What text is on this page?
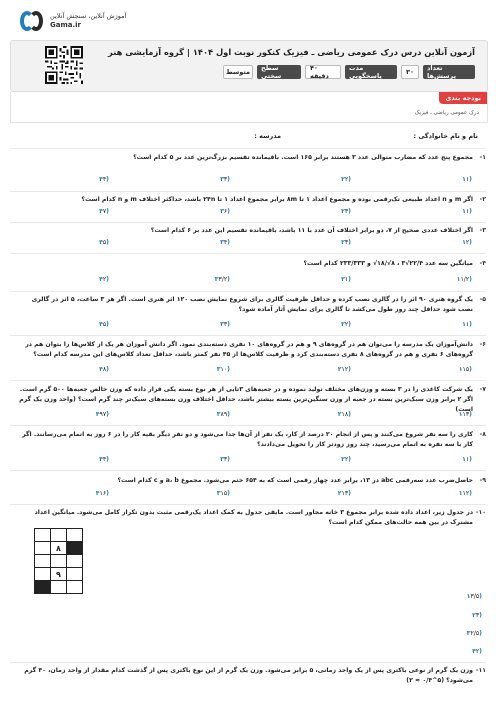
آموزش آنلاین، سنجش آنلاین
Gama.ir
آزمون آنلاین درس درک عمومی ریاضی ـ فیزیک کنکور نوبت اول ۱۴۰۴ | گروه آزمایشی هنر
تعداد پرسش‌ها
۳۰
مدت پاسخگویی
۴۰ دقیقه
سطح سختی
متوسط
بودجه بندی
درک عمومی ریاضی ـ فیزیک
نام و نام خانوادگی :
مدرسه :
۱-
مجموع پنج عدد که مضارب متوالی عدد ۳ هستند برابر ۱۶۵ است. باقیمانده تقسیم بزرگ‌ترین عدد بر ۵ کدام است؟
(۱۱
(۲۲
(۳۳
(۴۴
۲-
اگر m و n اعداد طبیعی تک‌رقمی بوده و مجموع اعداد ۱ تا ۸m برابر مجموع اعداد ۱ تا ۲۴n باشد، حداکثر اختلاف m و n کدام است؟
(۱۱
(۲۳
(۳۶
(۴۷
۳-
اگر اختلاف عددی صحیح از ۷، دو برابر اختلاف آن عدد با ۱۱ باشد، باقیمانده تقسیم این عدد بر ۶ کدام است؟
(۱۲
(۲۳
(۳۴
(۴۵
۴-
میانگین سه عدد ‎√۱۸/√۸‎ ، ‎۳√۲۲/۴‎ و ‎۲۳۳/۳۳۳‎ کدام است؟
(۱۱/۲
(۲۱
(۳۳/۲
(۴۲
۵-
یک گروه هنری ۹۰ اثر را در گالری نصب کرده و حداقل ظرفیت گالری برای شروع نمایش نصب ۱۲۰ اثر هنری است. اگر هر ۳ ساعت، ۵ اثر در گالری نصب شود حداقل چند روز طول می‌کشد تا گالری برای نمایش آثار آماده شود؟
(۱۱
(۲۲
(۳۳
(۴۵
۶-
دانش‌آموزان یک مدرسه را می‌توان هم در گروه‌های ۹ و هم در گروه‌های ۱۰ نفری دسته‌بندی نمود. اگر دانش آموزان هر یک از کلاس‌ها را بتوان هم در گروه‌های ۶ نفری و هم در گروه‌های ۸ نفری دسته‌بندی کرد و ظرفیت کلاس‌ها از ۴۵ نفر کمتر باشد، حداقل تعداد کلاس‌های این مدرسه کدام است؟
(۱۱۵
(۲۱۲
(۳۱۰
(۴۸
۷-
یک شرکت کاغذی را در ۳ بسته و وزن‌های مختلف تولید نموده و در جعبه‌های ۳تایی از هر نوع بسته یکی قرار داده که وزن خالص جعبه‌ها ۵۰۰ گرم است. اگر ۲ برابر وزن سبک‌ترین بسته در جعبه از وزن سنگین‌ترین بسته بیشتر باشد، حداقل اختلاف وزن بسته‌های سبک‌تر چند گرم است؟ (واحد وزن یک گرم است)
(۱۱۳
(۲۱۸
(۳۸۹
(۴۹۷
۸-
کاری را سه نفر شروع می‌کنند و پس از انجام ۲۰ درصد از کار، یک نفر از آن‌ها جدا می‌شود و دو نفر دیگر بقیه کار را در ۶ روز به اتمام می‌رسانند. اگر کار با سه نفره به اتمام می‌رسید، چند روز زودتر کار را تحویل می‌دادند؟
(۱۱
(۲۲
(۳۳
(۴۴
۹-
حاصل‌ضرب عدد سه‌رقمی abc در ۱۳، برابر عدد چهار رقمی است که به ۶۵۴ ختم می‌شود. مجموع a، b و c کدام است؟
(۱۱۲
(۲۱۳
(۳۱۵
(۴۱۶
۱۰-
در جدول زیر، اعداد داده شده برابر مجموع ۳ خانه مجاور است. مابقی جدول به کمک اعداد یک‌رقمی مثبت بدون تکرار کامل می‌شود. میانگین اعداد مشترک در بین همه حالت‌های ممکن کدام است؟

	۸	

	۹	

(۱۳/۵
(۲۳
(۳۲/۵
(۴۲
۱۱-
وزن یک گرم از نوعی باکتری پس از یک واحد زمانی، ۵ برابر می‌شود. وزن یک گرم از این نوع باکتری پس از گذشت کدام مقدار از واحد زمان، ۴۰ گرم می‌شود؟ (۵^۰/۴ ≈ ۲)
